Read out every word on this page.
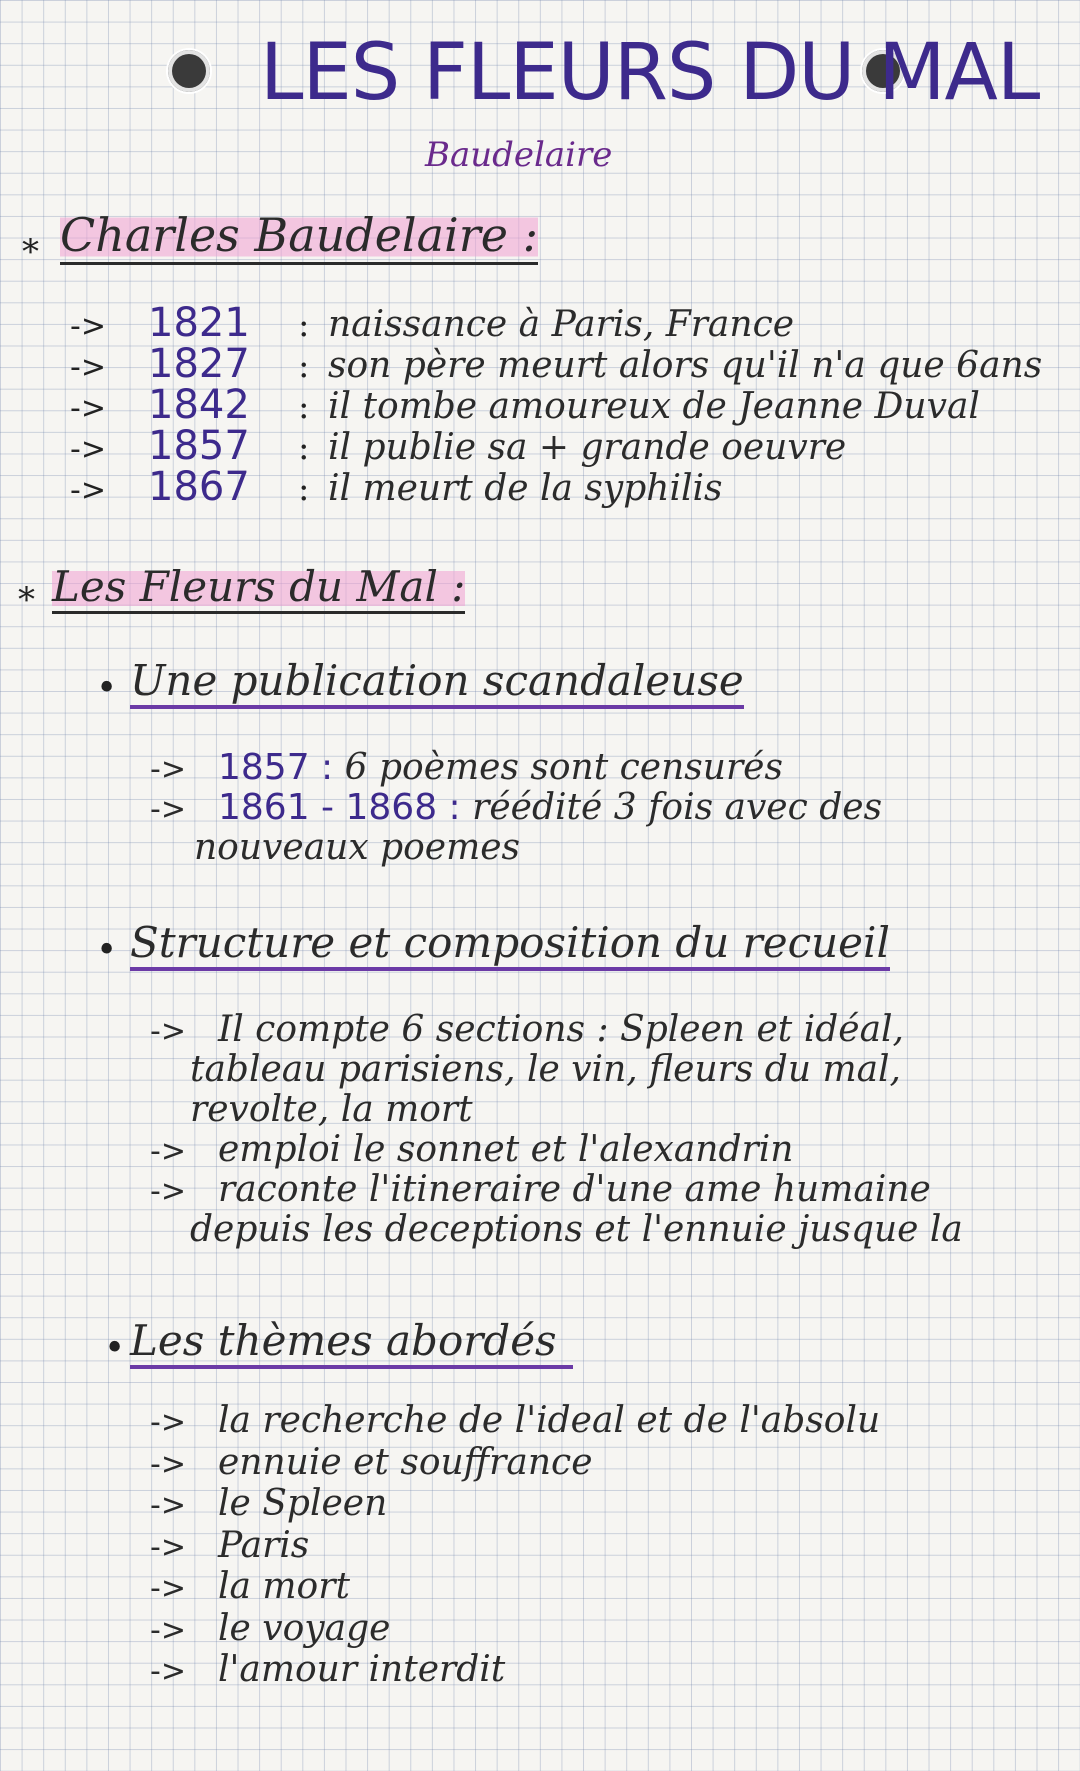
LES FLEURS DU MAL
Baudelaire
* Charles Baudelaire :
->	1821	: naissance à Paris, France
->	1827	: son père meurt alors qu'il n'a que 6ans
->	1842	: il tombe amoureux de Jeanne Duval
->	1857	: il publie sa + grande oeuvre
->	1867	: il meurt de la syphilis
* Les Fleurs du Mal :
• Une publication scandaleuse
-> 1857 : 6 poèmes sont censurés
-> 1861 - 1868 : réédité 3 fois avec des
nouveaux poemes
• Structure et composition du recueil
-> Il compte 6 sections : Spleen et idéal,
tableau parisiens, le vin, fleurs du mal,
revolte, la mort
-> emploi le sonnet et l'alexandrin
-> raconte l'itineraire d'une ame humaine
depuis les deceptions et l'ennuie jusque la
• Les thèmes abordés
-> la recherche de l'ideal et de l'absolu
-> ennuie et souffrance
-> le Spleen
-> Paris
-> la mort
-> le voyage
-> l'amour interdit
